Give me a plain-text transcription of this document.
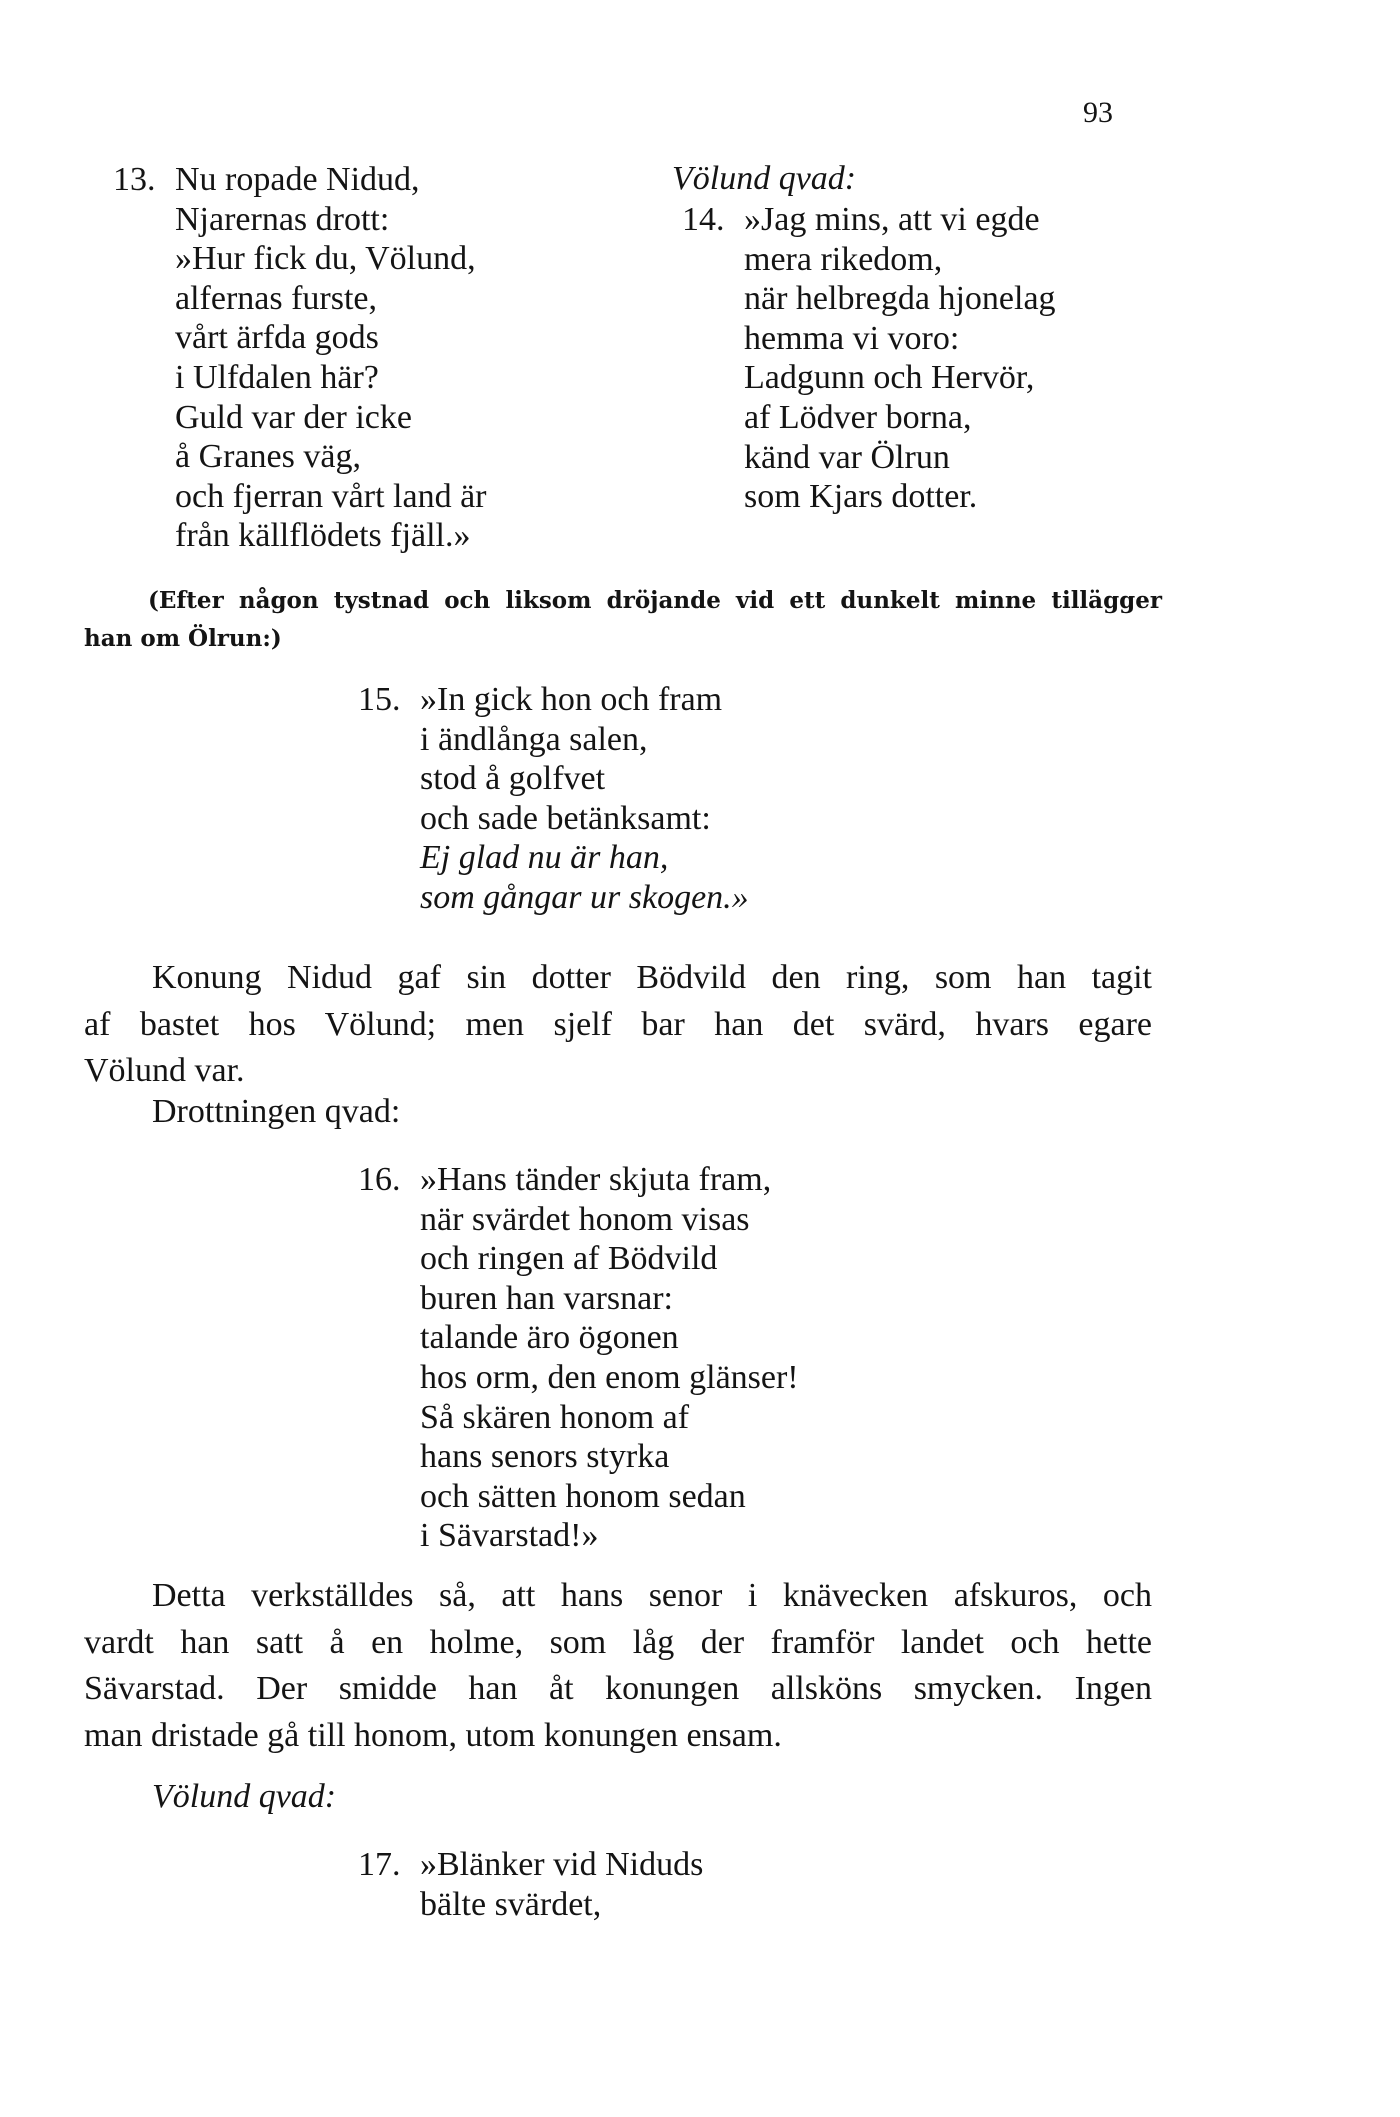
93
13. Nu ropade Nidud,
Njarernas drott:
»Hur fick du, Völund,
alfernas furste,
vårt ärfda gods
i Ulfdalen här?
Guld var der icke
å Granes väg,
och fjerran vårt land är
från källflödets fjäll.»
Völund qvad:
14. »Jag mins, att vi egde
mera rikedom,
när helbregda hjonelag
hemma vi voro:
Ladgunn och Hervör,
af Lödver borna,
känd var Ölrun
som Kjars dotter.
(Efter någon tystnad och liksom dröjande vid ett dunkelt minne tillägger
han om Ölrun:)
15. »In gick hon och fram
i ändlånga salen,
stod å golfvet
och sade betänksamt:
Ej glad nu är han,
som gångar ur skogen.»
Konung Nidud gaf sin dotter Bödvild den ring, som han tagit
af bastet hos Völund; men sjelf bar han det svärd, hvars egare
Völund var.
Drottningen qvad:
16. »Hans tänder skjuta fram,
när svärdet honom visas
och ringen af Bödvild
buren han varsnar:
talande äro ögonen
hos orm, den enom glänser!
Så skären honom af
hans senors styrka
och sätten honom sedan
i Sävarstad!»
Detta verkställdes så, att hans senor i knävecken afskuros, och
vardt han satt å en holme, som låg der framför landet och hette
Sävarstad. Der smidde han åt konungen allsköns smycken. Ingen
man dristade gå till honom, utom konungen ensam.
Völund qvad:
17. »Blänker vid Niduds
bälte svärdet,
